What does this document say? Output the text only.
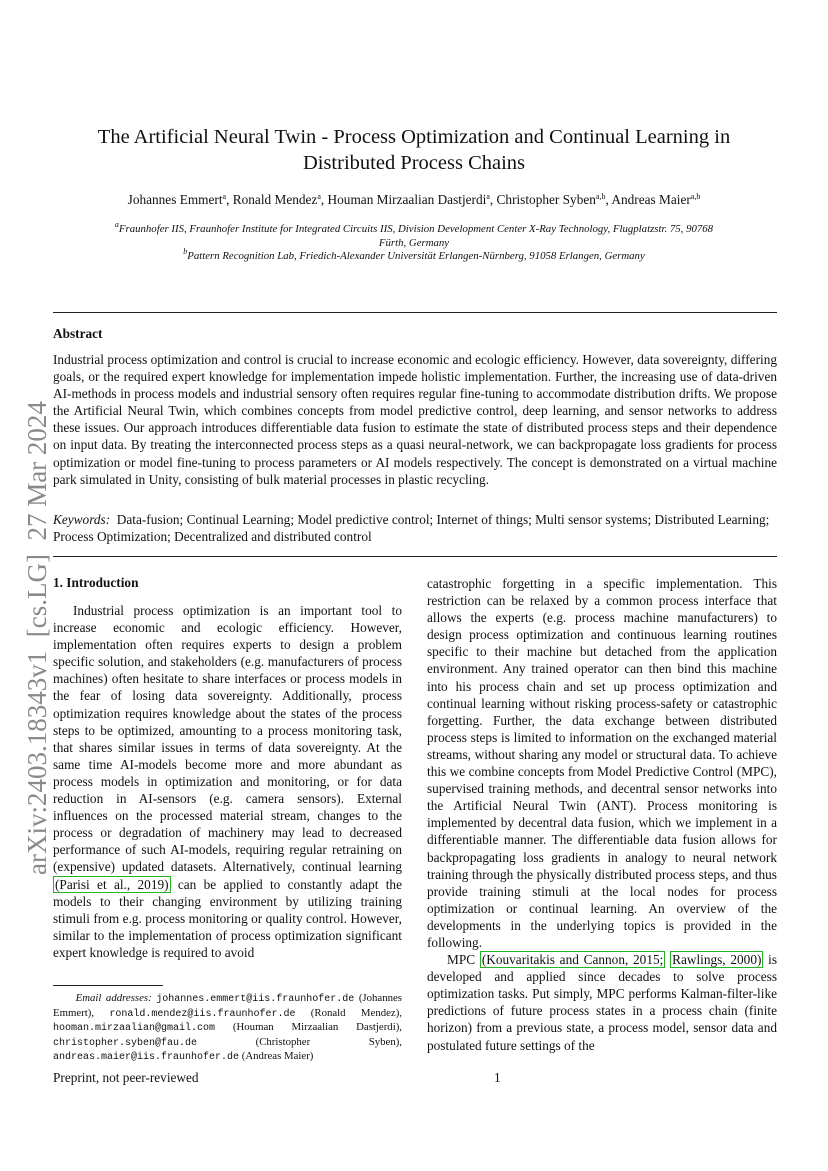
arXiv:2403.18343v1  [cs.LG]  27 Mar 2024
The Artificial Neural Twin - Process Optimization and Continual Learning in
Distributed Process Chains
Johannes Emmert$^a$, Ronald Mendez$^a$, Houman Mirzaalian Dastjerdi$^a$, Christopher Syben$^{a,b}$, Andreas Maier$^{a,b}$
$^a$Fraunhofer IIS, Fraunhofer Institute for Integrated Circuits IIS, Division Development Center X-Ray Technology, Flugplatzstr. 75, 90768
Fürth, Germany
$^b$Pattern Recognition Lab, Friedich-Alexander Universität Erlangen-Nürnberg, 91058 Erlangen, Germany
Abstract
Industrial process optimization and control is crucial to increase economic and ecologic efficiency. However, data sovereignty, differing goals, or the required expert knowledge for implementation impede holistic implementation. Further, the increasing use of data-driven AI-methods in process models and industrial sensory often requires regular fine-tuning to accommodate distribution drifts. We propose the Artificial Neural Twin, which combines concepts from model predictive control, deep learning, and sensor networks to address these issues. Our approach introduces differentiable data fusion to estimate the state of distributed process steps and their dependence on input data. By treating the interconnected process steps as a quasi neural-network, we can backpropagate loss gradients for process optimization or model fine-tuning to process parameters or AI models respectively. The concept is demonstrated on a virtual machine park simulated in Unity, consisting of bulk material processes in plastic recycling.
Keywords: Data-fusion; Continual Learning; Model predictive control; Internet of things; Multi sensor systems; Distributed Learning; Process Optimization; Decentralized and distributed control
1. Introduction

Industrial process optimization is an important tool to increase economic and ecologic efficiency. However, implementation often requires experts to design a problem specific solution, and stakeholders (e.g. manufacturers of process machines) often hesitate to share interfaces or process models in the fear of losing data sovereignty. Additionally, process optimization requires knowledge about the states of the process steps to be optimized, amounting to a process monitoring task, that shares similar issues in terms of data sovereignty. At the same time AI-models become more and more abundant as process models in optimization and monitoring, or for data reduction in AI-sensors (e.g. camera sensors). External influences on the processed material stream, changes to the process or degradation of machinery may lead to decreased performance of such AI-models, requiring regular retraining on (expensive) updated datasets. Alternatively, continual learning (Parisi et al., 2019) can be applied to constantly adapt the models to their changing environment by utilizing training stimuli from e.g. process monitoring or quality control. However, similar to the implementation of process optimization significant expert knowledge is required to avoid

catastrophic forgetting in a specific implementation. This restriction can be relaxed by a common process interface that allows the experts (e.g. process machine manufacturers) to design process optimization and continuous learning routines specific to their machine but detached from the application environment. Any trained operator can then bind this machine into his process chain and set up process optimization and continual learning without risking process-safety or catastrophic forgetting. Further, the data exchange between distributed process steps is limited to information on the exchanged material streams, without sharing any model or structural data. To achieve this we combine concepts from Model Predictive Control (MPC), supervised training methods, and decentral sensor networks into the Artificial Neural Twin (ANT). Process monitoring is implemented by decentral data fusion, which we implement in a differentiable manner. The differentiable data fusion allows for backpropagating loss gradients in analogy to neural network training through the physically distributed process steps, and thus provide training stimuli at the local nodes for process optimization or continual learning. An overview of the developments in the underlying topics is provided in the following.

MPC (Kouvaritakis and Cannon, 2015; Rawlings, 2000) is developed and applied since decades to solve process optimization tasks. Put simply, MPC performs Kalman-filter-like predictions of future process states in a process chain (finite horizon) from a previous state, a process model, sensor data and postulated future settings of the

Email addresses: johannes.emmert@iis.fraunhofer.de (Johannes Emmert), ronald.mendez@iis.fraunhofer.de (Ronald Mendez), hooman.mirzaalian@gmail.com (Houman Mirzaalian Dastjerdi), christopher.syben@fau.de	(Christopher Syben), andreas.maier@iis.fraunhofer.de (Andreas Maier)
Preprint, not peer-reviewed	1
